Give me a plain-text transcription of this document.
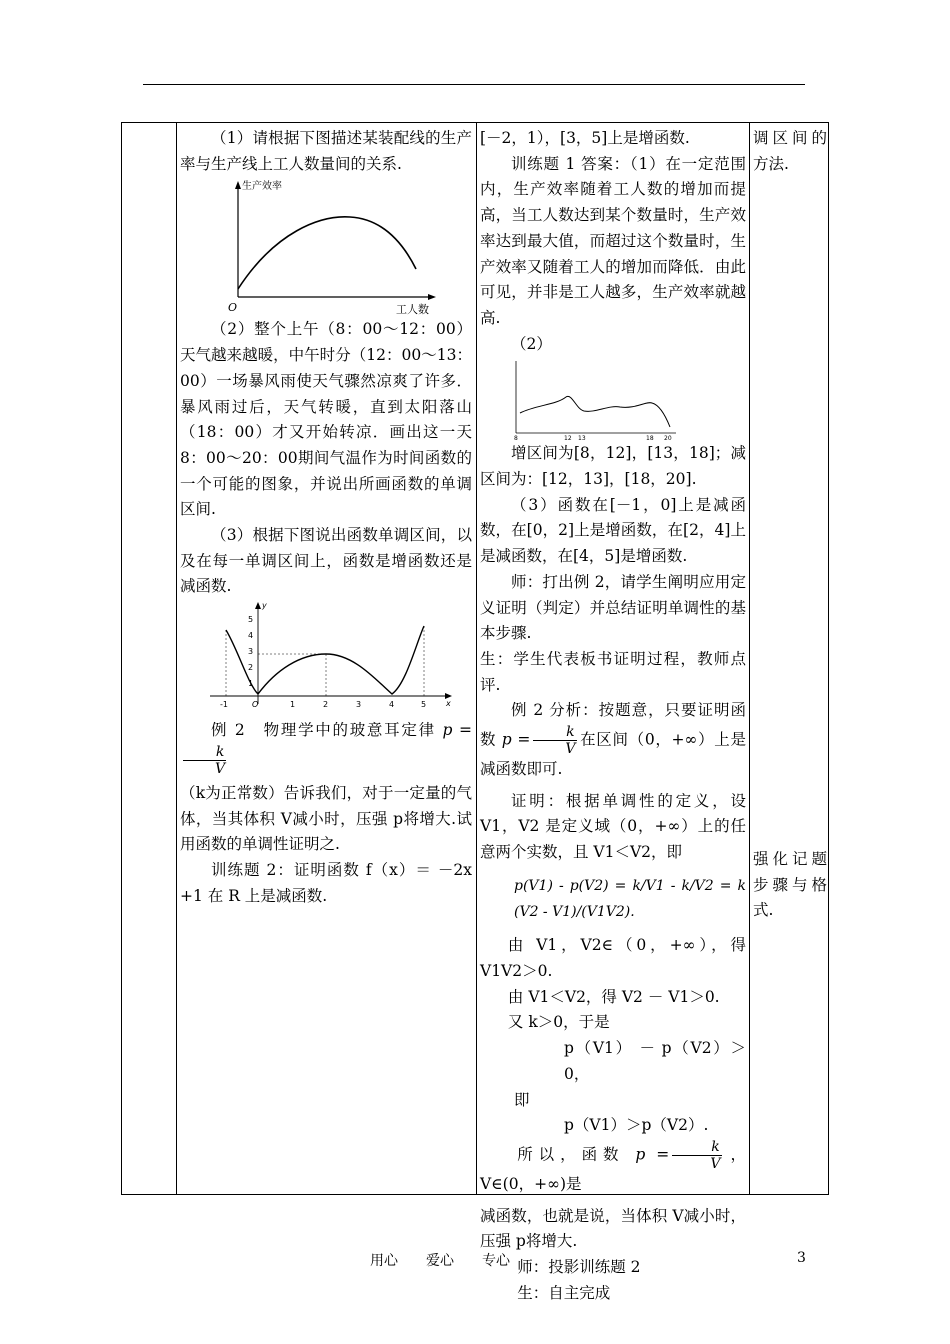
（1）请根据下图描述某装配线的生产率与生产线上工人数量间的关系.

生产效率
工人数
O

（2）整个上午（8：00～12：00）天气越来越暖，中午时分（12：00～13：00）一场暴风雨使天气骤然凉爽了许多．暴风雨过后，天气转暖，直到太阳落山（18：00）才又开始转凉．画出这一天8：00～20：00期间气温作为时间函数的一个可能的图象，并说出所画函数的单调区间.

（3）根据下图说出函数单调区间，以及在每一单调区间上，函数是增函数还是减函数.

5
4
3
2
1
-1	O	1	2	3	4	5
y
x

例 2　物理学中的玻意耳定律 p =
$\frac{k}{V}$

（k为正常数）告诉我们，对于一定量的气体，当其体积 V减小时，压强 p将增大.试用函数的单调性证明之.

训练题 2：证明函数 f（x）＝ －2x +1 在 R 上是减函数.

[－2，1），[3，5]上是增函数.

训练题 1 答案：（1）在一定范围内，生产效率随着工人数的增加而提高，当工人数达到某个数量时，生产效率达到最大值，而超过这个数量时，生产效率又随着工人的增加而降低．由此可见，并非是工人越多，生产效率就越高.

（2）

8	12 13	18 20

增区间为[8，12]，[13，18]；减区间为：[12，13]，[18，20].

（3）函数在[－1，0]上是减函数，在[0，2]上是增函数，在[2，4]上是减函数，在[4，5]是增函数.

师：打出例 2，请学生阐明应用定义证明（判定）并总结证明单调性的基本步骤.

生：学生代表板书证明过程，教师点评.

例 2 分析：按题意，只要证明函数 $p = \frac{k}{V}$ 在区间（0，+∞）上是减函数即可.

证明：根据单调性的定义，设 V1，V2 是定义域（0，+∞）上的任意两个实数，且 V1＜V2，即

p(V1) - p(V2) = k/V1 - k/V2 = k (V2 - V1)/(V1V2).

由 V1，V2∈（0，+∞），得 V1V2＞0.

由 V1＜V2，得 V2 － V1＞0.

又 k＞0，于是

p（V1） － p（V2）＞0，

即

p（V1）＞p（V2）.

所以，函数 $p = \frac{k}{V}$ ，V∈(0，+∞)是

减函数，也就是说，当体积 V减小时，压强 p将增大.

师：投影训练题 2

生：自主完成

调区间的方法.

强化记题步骤与格式.

用心　　爱心　　专心	3
